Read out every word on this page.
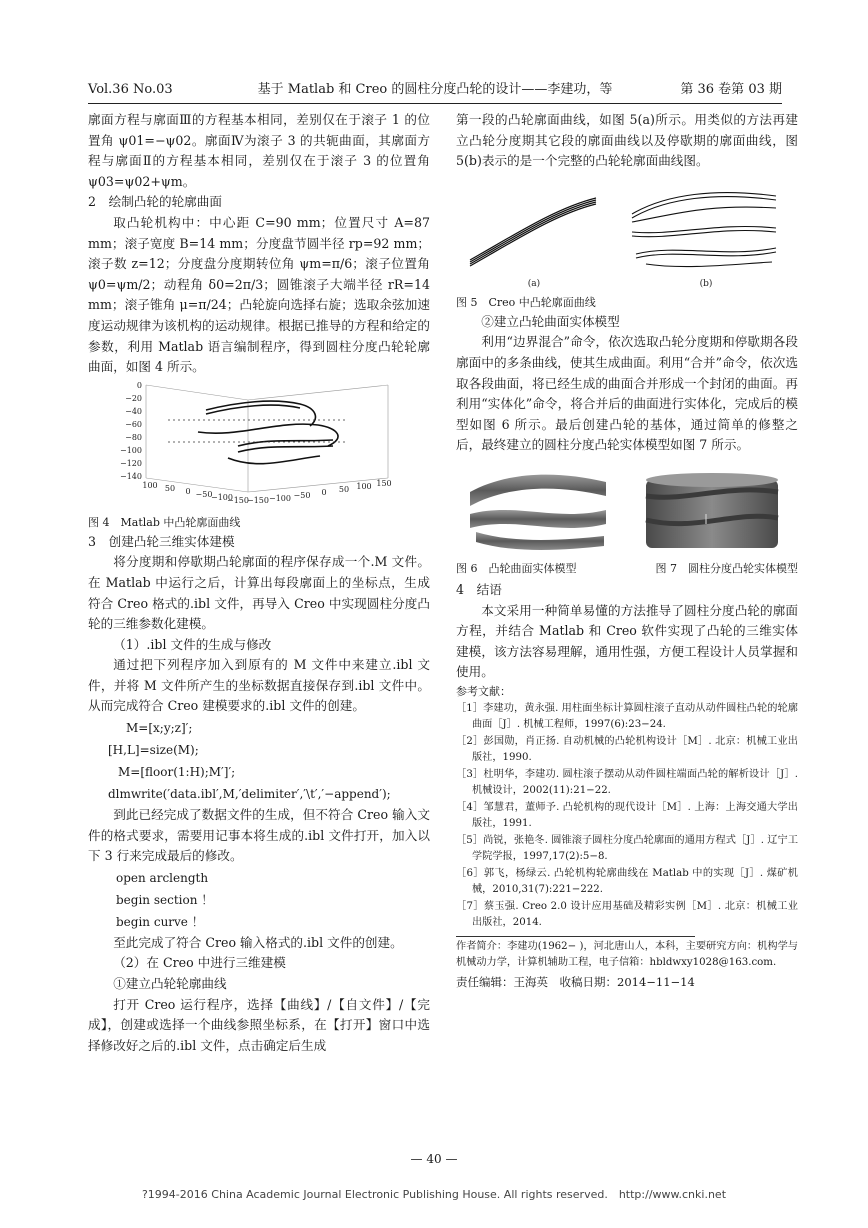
Vol.36 No.03	基于 Matlab 和 Creo 的圆柱分度凸轮的设计——李建功，等	第 36 卷第 03 期

廓面方程与廓面Ⅲ的方程基本相同，差别仅在于滚子 1 的位置角 ψ01=−ψ02。廓面Ⅳ为滚子 3 的共轭曲面，其廓面方程与廓面Ⅱ的方程基本相同，差别仅在于滚子 3 的位置角 ψ03=ψ02+ψm。

2　绘制凸轮的轮廓曲面

取凸轮机构中：中心距 C=90 mm；位置尺寸 A=87 mm；滚子宽度 B=14 mm；分度盘节圆半径 rp=92 mm；滚子数 z=12；分度盘分度期转位角 ψm=π/6；滚子位置角 ψ0=ψm/2；动程角 δ0=2π/3；圆锥滚子大端半径 rR=14 mm；滚子锥角 μ=π/24；凸轮旋向选择右旋；选取余弦加速度运动规律为该机构的运动规律。根据已推导的方程和给定的参数，利用 Matlab 语言编制程序，得到圆柱分度凸轮轮廓曲面，如图 4 所示。

0
−20
−40
−60
−80
−100
−120
−140
100 50 0 −50
−100
−150
−150 −100 −50 0 50 100 150

图 4　Matlab 中凸轮廓面曲线

3　创建凸轮三维实体建模

将分度期和停歇期凸轮廓面的程序保存成一个.M 文件。在 Matlab 中运行之后，计算出每段廓面上的坐标点，生成符合 Creo 格式的.ibl 文件，再导入 Creo 中实现圆柱分度凸轮的三维参数化建模。

（1）.ibl 文件的生成与修改

通过把下列程序加入到原有的 M 文件中来建立.ibl 文件，并将 M 文件所产生的坐标数据直接保存到.ibl 文件中。从而完成符合 Creo 建模要求的.ibl 文件的创建。

M=[x;y;z]′;

[H,L]=size(M);

M=[floor(1:H);M′]′;

dlmwrite(′data.ibl′,M,′delimiter′,′\t′,′−append′);

到此已经完成了数据文件的生成，但不符合 Creo 输入文件的格式要求，需要用记事本将生成的.ibl 文件打开，加入以下 3 行来完成最后的修改。

open arclength

begin section ！

begin curve ！

至此完成了符合 Creo 输入格式的.ibl 文件的创建。

（2）在 Creo 中进行三维建模

①建立凸轮轮廓曲线

打开 Creo 运行程序，选择【曲线】/【自文件】/【完成】，创建或选择一个曲线参照坐标系，在【打开】窗口中选择修改好之后的.ibl 文件，点击确定后生成

第一段的凸轮廓面曲线，如图 5(a)所示。用类似的方法再建立凸轮分度期其它段的廓面曲线以及停歇期的廓面曲线，图 5(b)表示的是一个完整的凸轮轮廓面曲线图。

(a)	(b)

图 5　Creo 中凸轮廓面曲线

②建立凸轮曲面实体模型

利用“边界混合”命令，依次选取凸轮分度期和停歇期各段廓面中的多条曲线，使其生成曲面。利用“合并”命令，依次选取各段曲面，将已经生成的曲面合并形成一个封闭的曲面。再利用“实体化”命令，将合并后的曲面进行实体化，完成后的模型如图 6 所示。最后创建凸轮的基体，通过简单的修整之后，最终建立的圆柱分度凸轮实体模型如图 7 所示。

图 6　凸轮曲面实体模型	图 7　圆柱分度凸轮实体模型

4　结语

本文采用一种简单易懂的方法推导了圆柱分度凸轮的廓面方程，并结合 Matlab 和 Creo 软件实现了凸轮的三维实体建模，该方法容易理解，通用性强，方便工程设计人员掌握和使用。

参考文献：

［1］李建功，黄永强. 用柱面坐标计算圆柱滚子直动从动件圆柱凸轮的轮廓曲面［J］. 机械工程师，1997(6):23−24.

［2］彭国勋，肖正扬. 自动机械的凸轮机构设计［M］. 北京：机械工业出版社，1990.

［3］杜明华，李建功. 圆柱滚子摆动从动件圆柱端面凸轮的解析设计［J］. 机械设计，2002(11):21−22.

［4］邹慧君，董师予. 凸轮机构的现代设计［M］. 上海：上海交通大学出版社，1991.

［5］尚锐，张艳冬. 圆锥滚子圆柱分度凸轮廓面的通用方程式［J］. 辽宁工学院学报，1997,17(2):5−8.

［6］郭飞，杨绿云. 凸轮机构轮廓曲线在 Matlab 中的实现［J］. 煤矿机械，2010,31(7):221−222.

［7］蔡玉强. Creo 2.0 设计应用基础及精彩实例［M］. 北京：机械工业出版社，2014.

作者简介：李建功(1962− )，河北唐山人，本科，主要研究方向：机构学与机械动力学，计算机辅助工程，电子信箱：hbldwxy1028@163.com.

责任编辑：王海英　收稿日期：2014−11−14

— 40 —
?1994-2016 China Academic Journal Electronic Publishing House. All rights reserved.　http://www.cnki.net
